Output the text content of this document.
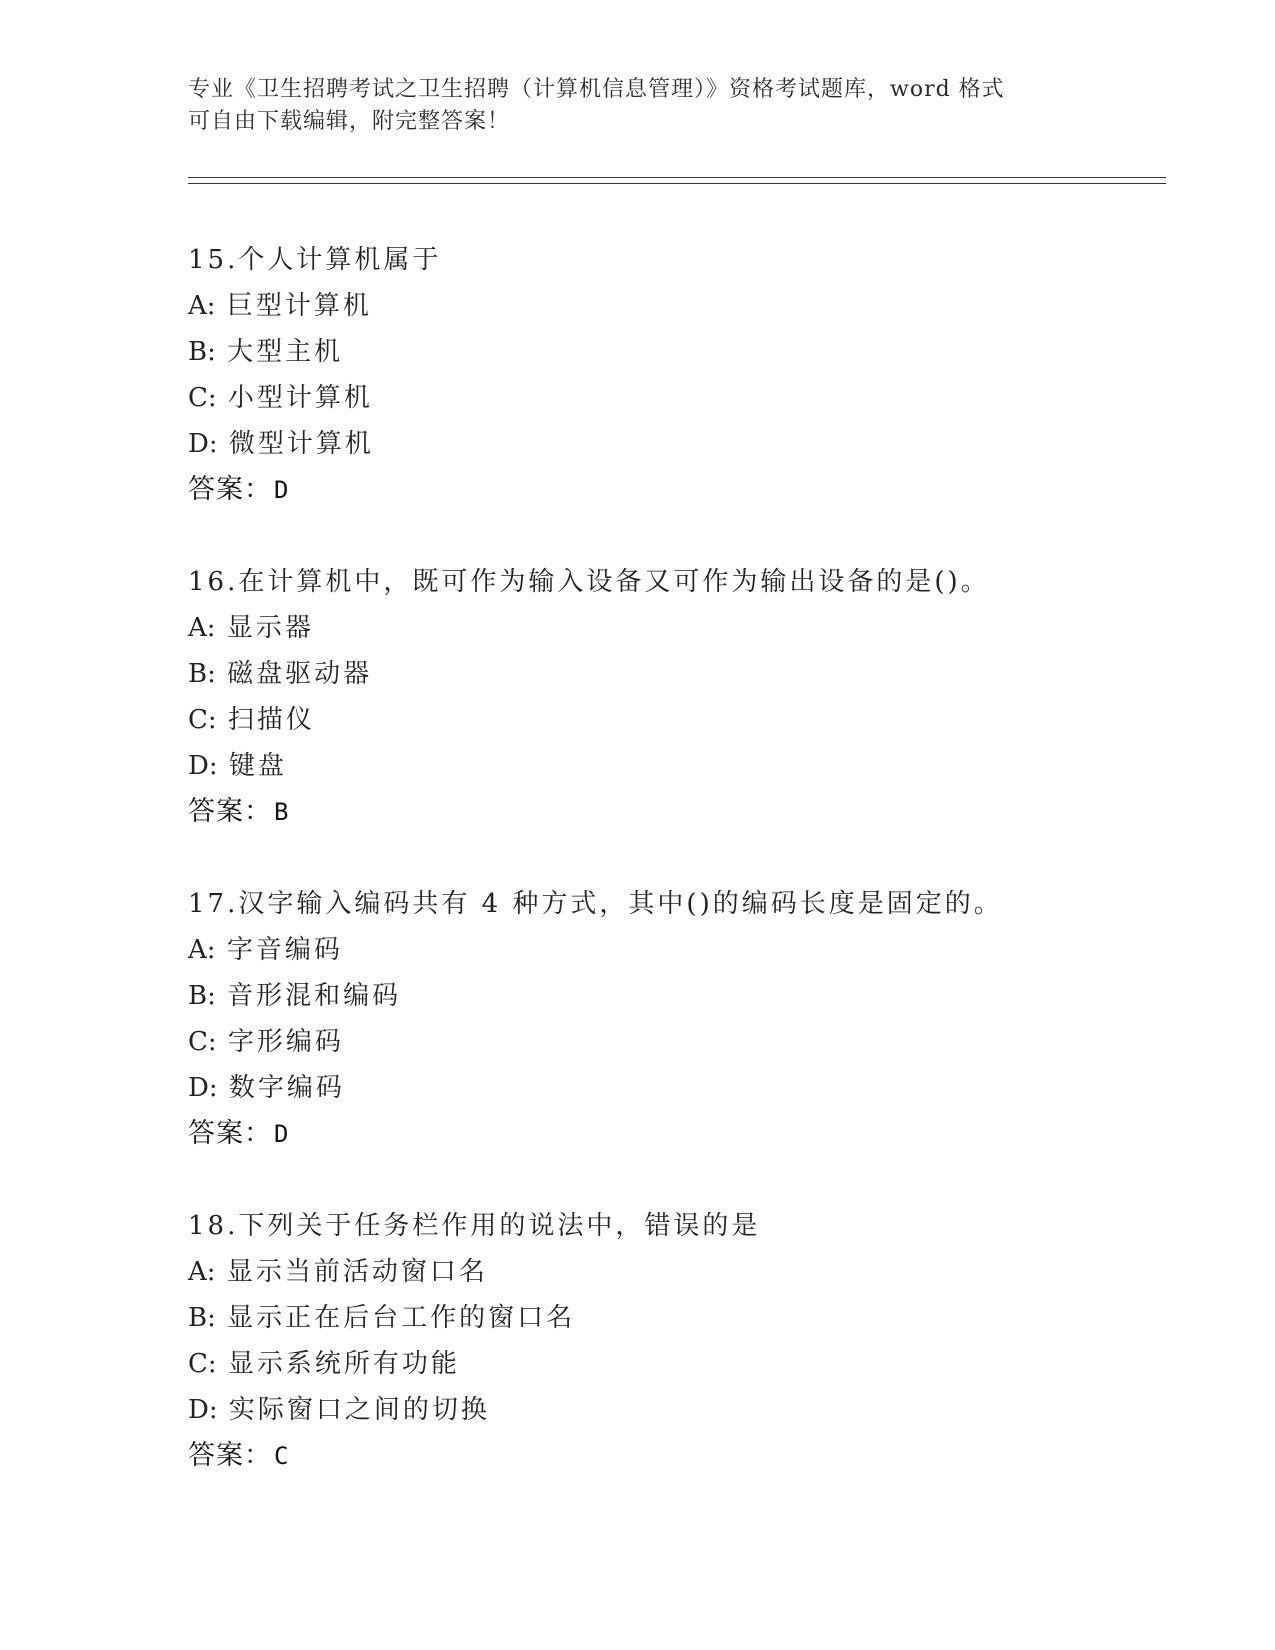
专业《卫生招聘考试之卫生招聘（计算机信息管理）》资格考试题库，word 格式
可自由下载编辑，附完整答案！
15.个人计算机属于
A: 巨型计算机
B: 大型主机
C: 小型计算机
D: 微型计算机
答案：D
16.在计算机中，既可作为输入设备又可作为输出设备的是()。
A: 显示器
B: 磁盘驱动器
C: 扫描仪
D: 键盘
答案：B
17.汉字输入编码共有 4 种方式，其中()的编码长度是固定的。
A: 字音编码
B: 音形混和编码
C: 字形编码
D: 数字编码
答案：D
18.下列关于任务栏作用的说法中，错误的是
A: 显示当前活动窗口名
B: 显示正在后台工作的窗口名
C: 显示系统所有功能
D: 实际窗口之间的切换
答案：C
